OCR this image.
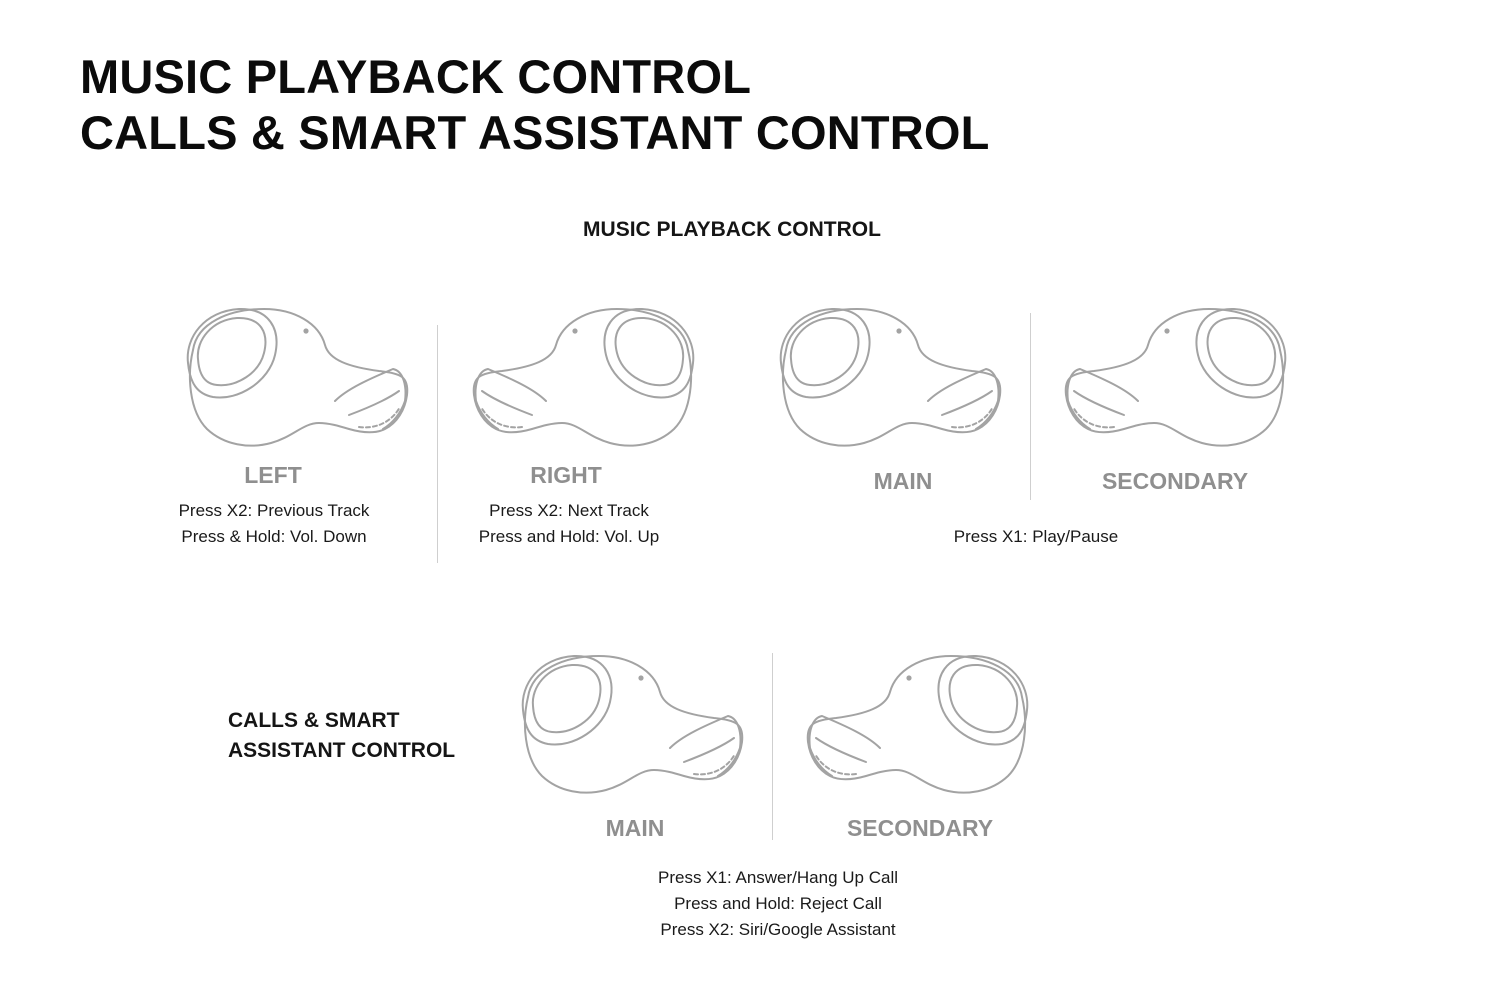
MUSIC PLAYBACK CONTROL
CALLS & SMART ASSISTANT CONTROL
MUSIC PLAYBACK CONTROL
LEFT
Press X2: Previous Track
Press & Hold: Vol. Down
RIGHT
Press X2: Next Track
Press and Hold: Vol. Up
MAIN	SECONDARY
Press X1: Play/Pause
CALLS & SMART
ASSISTANT CONTROL
MAIN	SECONDARY
Press X1: Answer/Hang Up Call
Press and Hold: Reject Call
Press X2: Siri/Google Assistant
